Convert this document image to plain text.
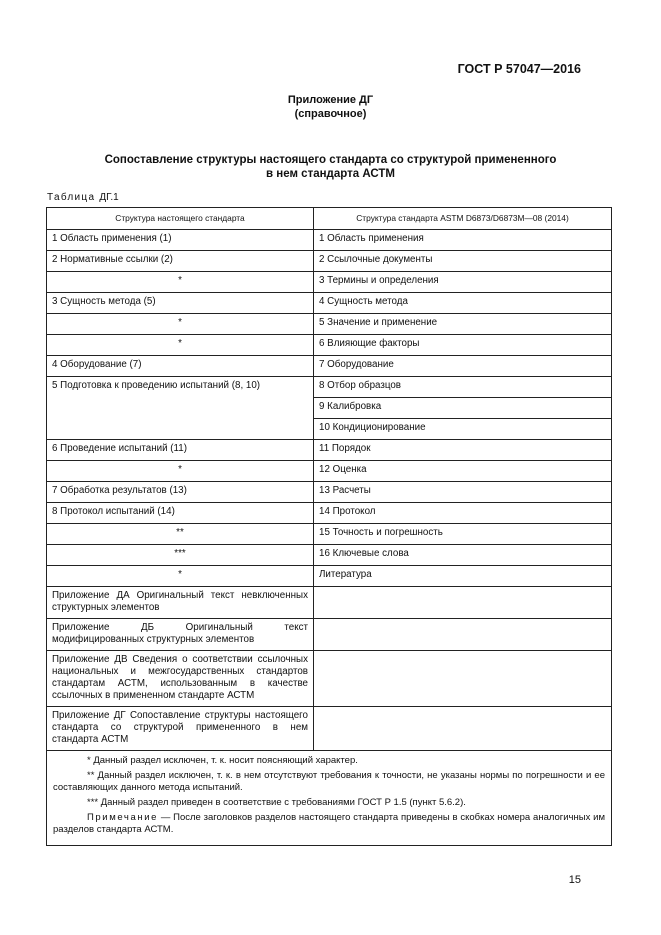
ГОСТ Р 57047—2016
Приложение ДГ
(справочное)
Сопоставление структуры настоящего стандарта со структурой примененного
в нем стандарта АСТМ
Таблица ДГ.1
Структура настоящего стандарта	Структура стандарта ASTM D6873/D6873M—08 (2014)
1 Область применения (1)	1 Область применения
2 Нормативные ссылки (2)	2 Ссылочные документы
*	3 Термины и определения
3 Сущность метода (5)	4 Сущность метода
*	5 Значение и применение
*	6 Влияющие факторы
4 Оборудование (7)	7 Оборудование
5 Подготовка к проведению испытаний (8, 10)	8 Отбор образцов
	9 Калибровка
	10 Кондиционирование
6 Проведение испытаний (11)	11 Порядок
*	12 Оценка
7 Обработка результатов (13)	13 Расчеты
8 Протокол испытаний (14)	14 Протокол
**	15 Точность и погрешность
***	16 Ключевые слова
*	Литература
Приложение ДА Оригинальный текст невключенных структурных элементов	
Приложение ДБ Оригинальный текст модифицированных структурных элементов	
Приложение ДВ Сведения о соответствии ссылочных национальных и межгосударственных стандартов стандартам АСТМ, использованным в качестве ссылочных в примененном стандарте АСТМ	
Приложение ДГ Сопоставление структуры настоящего стандарта со структурой примененного в нем стандарта АСТМ	

* Данный раздел исключен, т. к. носит поясняющий характер.

** Данный раздел исключен, т. к. в нем отсутствуют требования к точности, не указаны нормы по погрешности и ее составляющих данного метода испытаний.

*** Данный раздел приведен в соответствие с требованиями ГОСТ Р 1.5 (пункт 5.6.2).

Примечание — После заголовков разделов настоящего стандарта приведены в скобках номера аналогичных им разделов стандарта АСТМ.	

15
